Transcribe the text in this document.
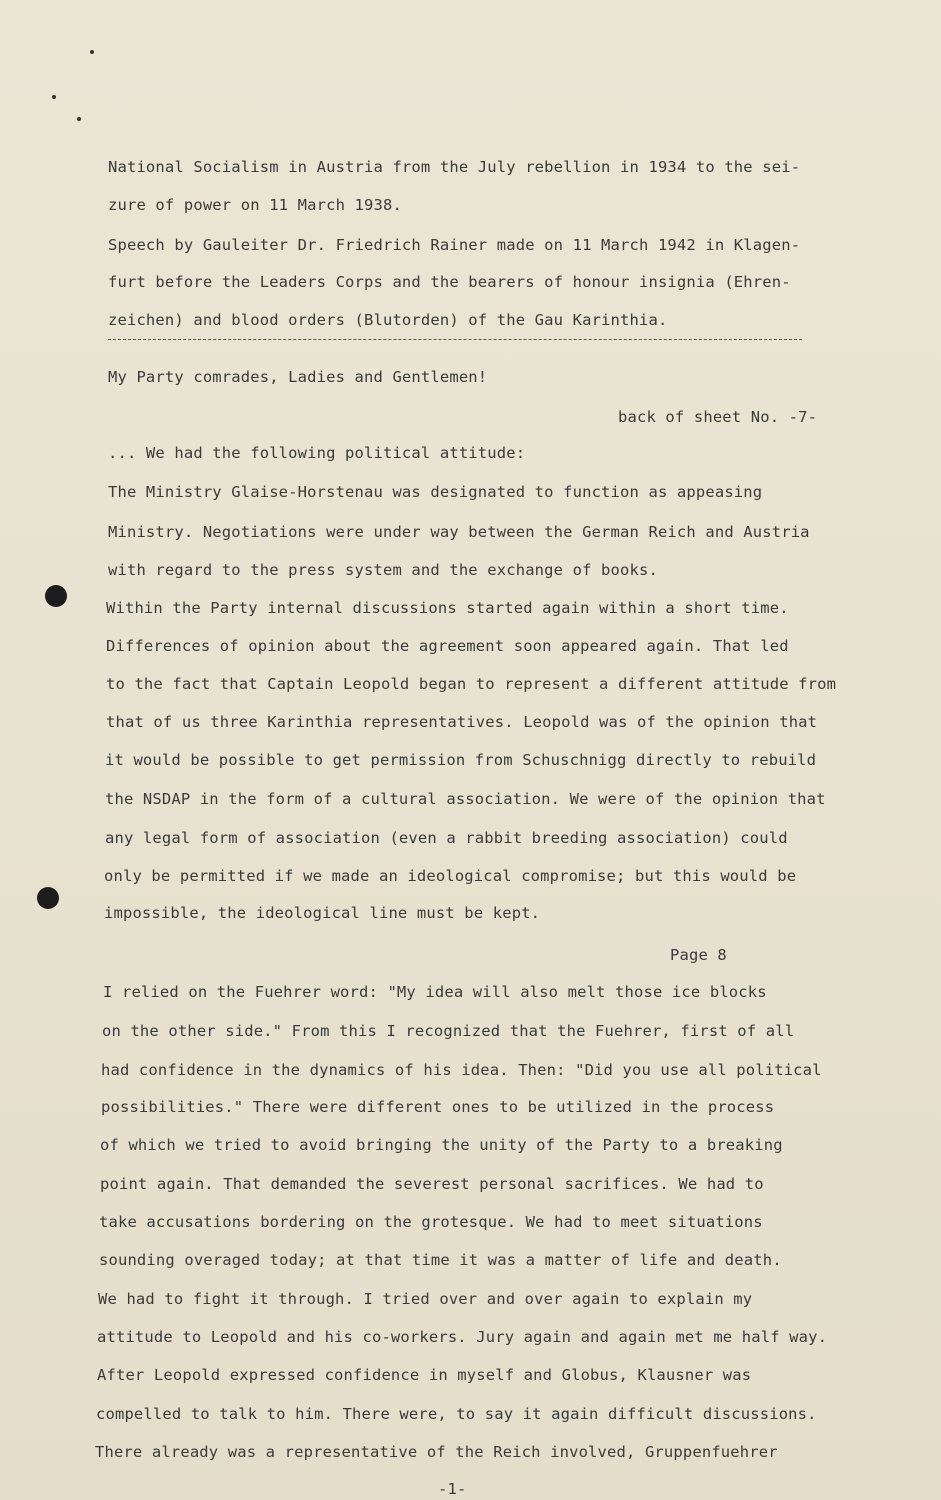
National Socialism in Austria from the July rebellion in 1934 to the sei-
zure of power on 11 March 1938.
Speech by Gauleiter Dr. Friedrich Rainer made on 11 March 1942 in Klagen-
furt before the Leaders Corps and the bearers of honour insignia (Ehren-
zeichen) and blood orders (Blutorden) of the Gau Karinthia.
My Party comrades, Ladies and Gentlemen!
back of sheet No. -7-
... We had the following political attitude:
The Ministry Glaise-Horstenau was designated to function as appeasing
Ministry. Negotiations were under way between the German Reich and Austria
with regard to the press system and the exchange of books.
Within the Party internal discussions started again within a short time.
Differences of opinion about the agreement soon appeared again. That led
to the fact that Captain Leopold began to represent a different attitude from
that of us three Karinthia representatives. Leopold was of the opinion that
it would be possible to get permission from Schuschnigg directly to rebuild
the NSDAP in the form of a cultural association. We were of the opinion that
any legal form of association (even a rabbit breeding association) could
only be permitted if we made an ideological compromise; but this would be
impossible, the ideological line must be kept.
Page 8
I relied on the Fuehrer word: "My idea will also melt those ice blocks
on the other side." From this I recognized that the Fuehrer, first of all
had confidence in the dynamics of his idea. Then: "Did you use all political
possibilities." There were different ones to be utilized in the process
of which we tried to avoid bringing the unity of the Party to a breaking
point again. That demanded the severest personal sacrifices. We had to
take accusations bordering on the grotesque. We had to meet situations
sounding overaged today; at that time it was a matter of life and death.
We had to fight it through. I tried over and over again to explain my
attitude to Leopold and his co-workers. Jury again and again met me half way.
After Leopold expressed confidence in myself and Globus, Klausner was
compelled to talk to him. There were, to say it again difficult discussions.
There already was a representative of the Reich involved, Gruppenfuehrer
-1-
